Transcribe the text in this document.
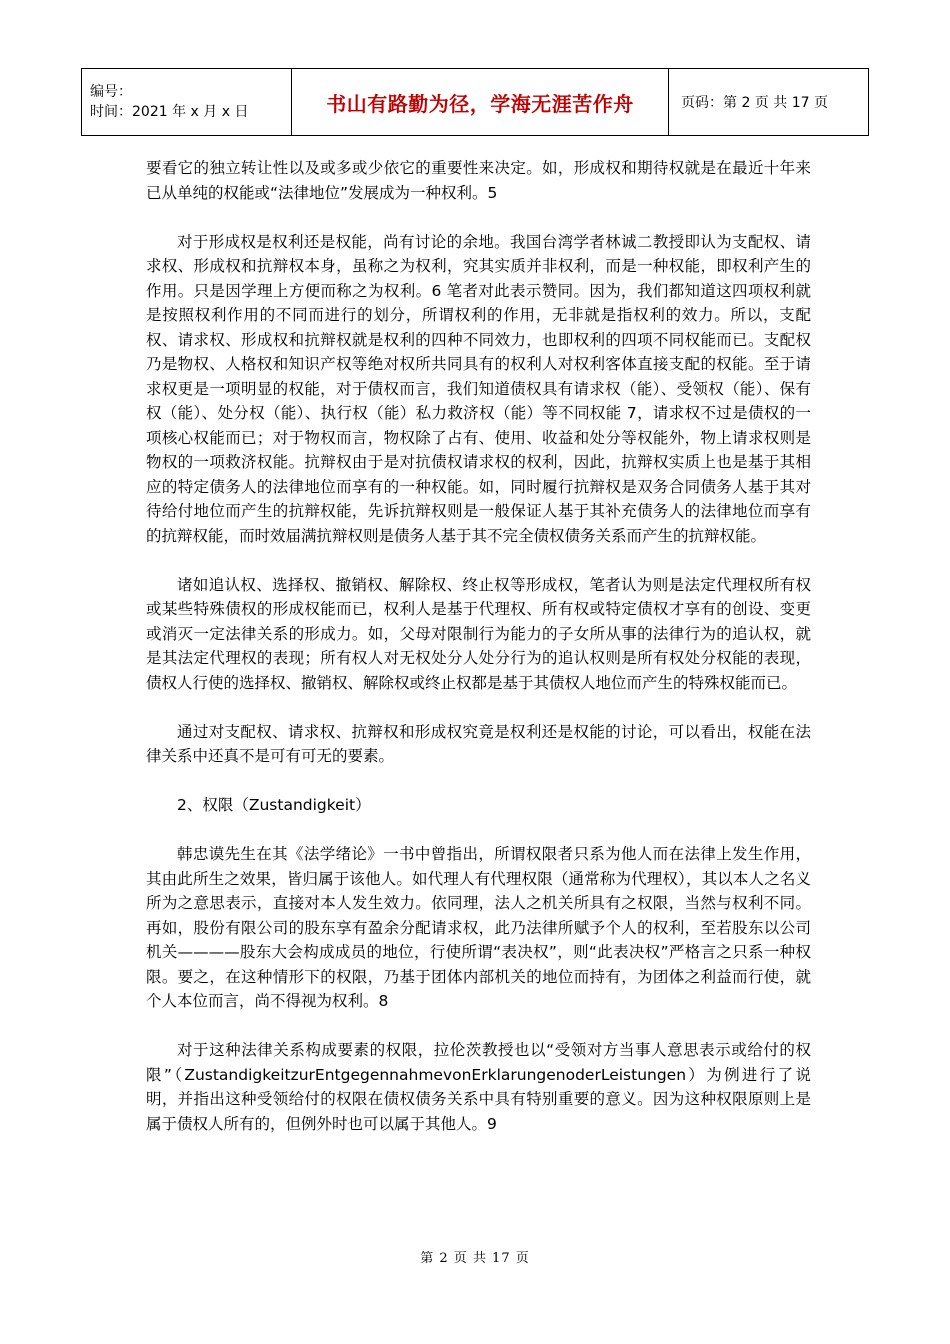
编号：
时间：2021 年 x 月 x 日	书山有路勤为径，学海无涯苦作舟	页码：第 2 页 共 17 页

要看它的独立转让性以及或多或少依它的重要性来决定。如，形成权和期待权就是在最近十年来已从单纯的权能或“法律地位”发展成为一种权利。5

对于形成权是权利还是权能，尚有讨论的余地。我国台湾学者林诚二教授即认为支配权、请求权、形成权和抗辩权本身，虽称之为权利，究其实质并非权利，而是一种权能，即权利产生的作用。只是因学理上方便而称之为权利。6 笔者对此表示赞同。因为，我们都知道这四项权利就是按照权利作用的不同而进行的划分，所谓权利的作用，无非就是指权利的效力。所以，支配权、请求权、形成权和抗辩权就是权利的四种不同效力，也即权利的四项不同权能而已。支配权乃是物权、人格权和知识产权等绝对权所共同具有的权利人对权利客体直接支配的权能。至于请求权更是一项明显的权能，对于债权而言，我们知道债权具有请求权（能）、受领权（能）、保有权（能）、处分权（能）、执行权（能）私力救济权（能）等不同权能 7，请求权不过是债权的一项核心权能而已；对于物权而言，物权除了占有、使用、收益和处分等权能外，物上请求权则是物权的一项救济权能。抗辩权由于是对抗债权请求权的权利，因此，抗辩权实质上也是基于其相应的特定债务人的法律地位而享有的一种权能。如，同时履行抗辩权是双务合同债务人基于其对待给付地位而产生的抗辩权能，先诉抗辩权则是一般保证人基于其补充债务人的法律地位而享有的抗辩权能，而时效届满抗辩权则是债务人基于其不完全债权债务关系而产生的抗辩权能。

诸如追认权、选择权、撤销权、解除权、终止权等形成权，笔者认为则是法定代理权所有权或某些特殊债权的形成权能而已，权利人是基于代理权、所有权或特定债权才享有的创设、变更或消灭一定法律关系的形成力。如，父母对限制行为能力的子女所从事的法律行为的追认权，就是其法定代理权的表现；所有权人对无权处分人处分行为的追认权则是所有权处分权能的表现，债权人行使的选择权、撤销权、解除权或终止权都是基于其债权人地位而产生的特殊权能而已。

通过对支配权、请求权、抗辩权和形成权究竟是权利还是权能的讨论，可以看出，权能在法律关系中还真不是可有可无的要素。

2、权限（Zustandigkeit）

韩忠谟先生在其《法学绪论》一书中曾指出，所谓权限者只系为他人而在法律上发生作用，其由此所生之效果，皆归属于该他人。如代理人有代理权限（通常称为代理权），其以本人之名义所为之意思表示，直接对本人发生效力。依同理，法人之机关所具有之权限，当然与权利不同。再如，股份有限公司的股东享有盈余分配请求权，此乃法律所赋予个人的权利，至若股东以公司机关————股东大会构成成员的地位，行使所谓“表决权”，则“此表决权”严格言之只系一种权限。要之，在这种情形下的权限，乃基于团体内部机关的地位而持有，为团体之利益而行使，就个人本位而言，尚不得视为权利。8

对于这种法律关系构成要素的权限，拉伦茨教授也以“受领对方当事人意思表示或给付的权限”（ZustandigkeitzurEntgegennahmevonErklarungenoderLeistungen）为例进行了说明，并指出这种受领给付的权限在债权债务关系中具有特别重要的意义。因为这种权限原则上是属于债权人所有的，但例外时也可以属于其他人。9

第 2 页 共 17 页
